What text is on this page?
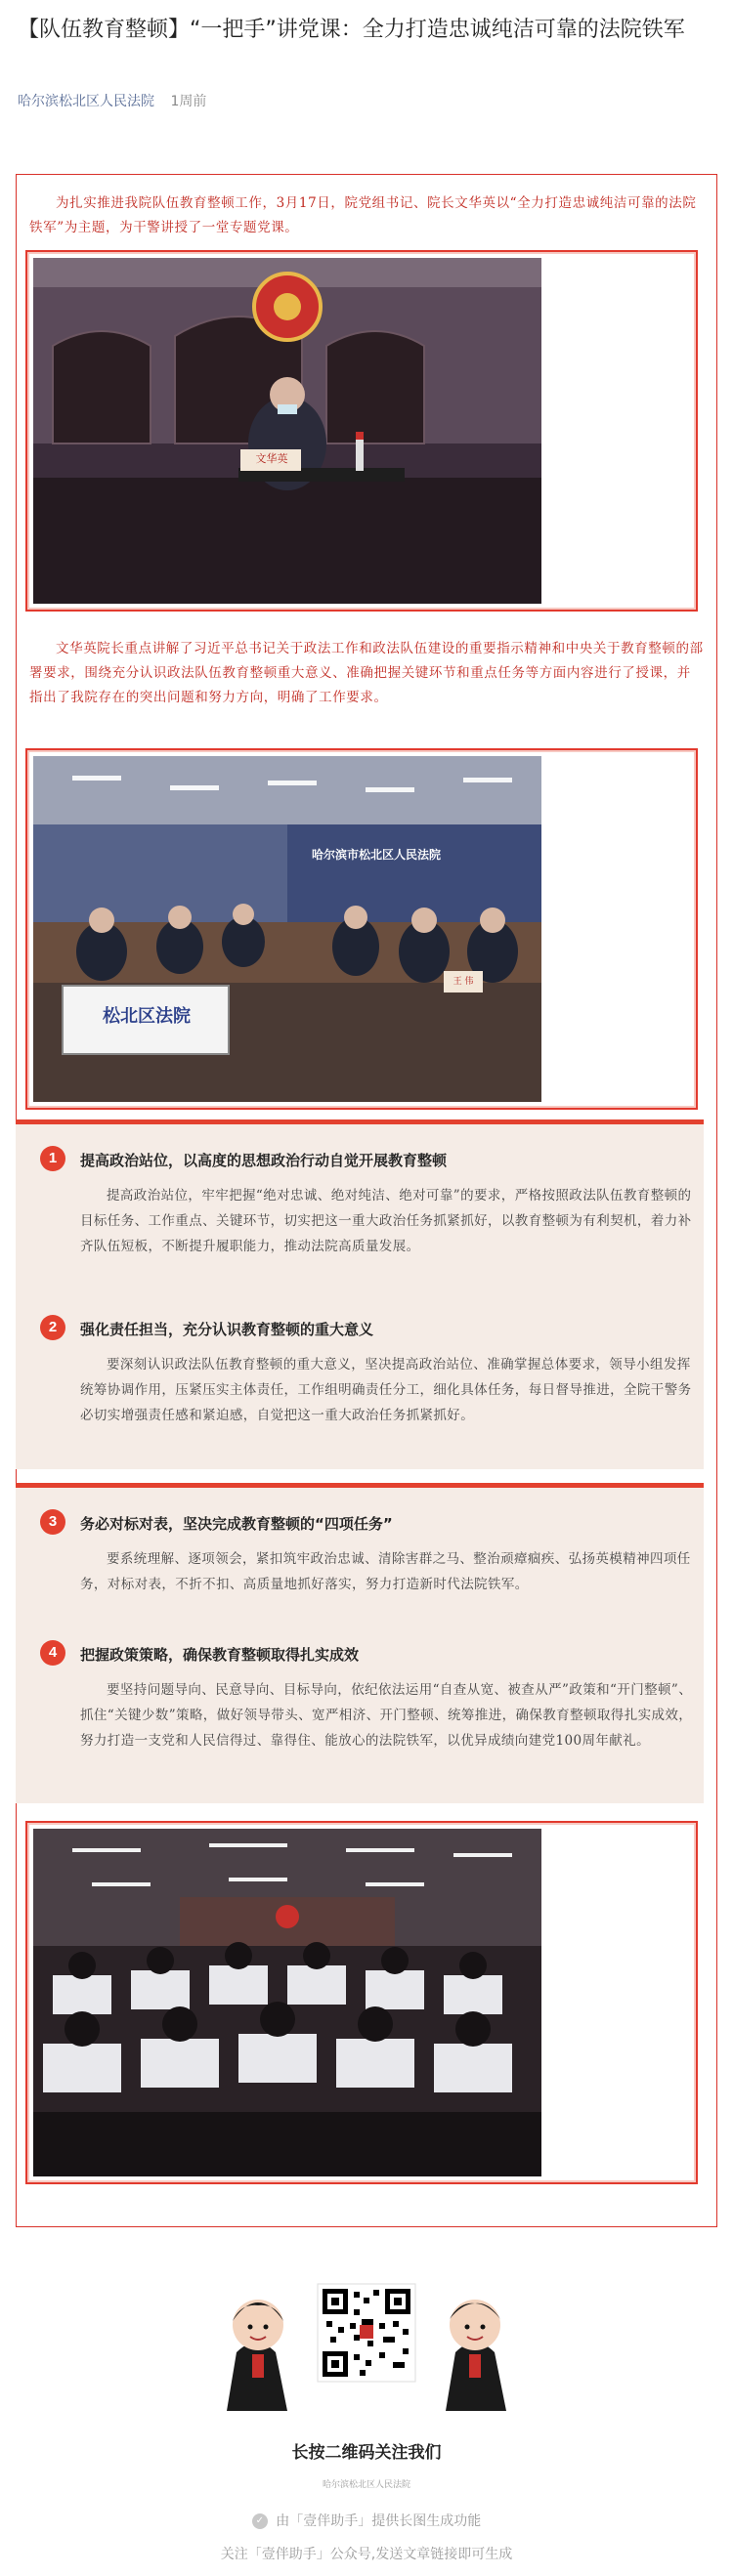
【队伍教育整顿】“一把手”讲党课：全力打造忠诚纯洁可靠的法院铁军
哈尔滨松北区人民法院 1周前
为扎实推进我院队伍教育整顿工作，3月17日，院党组书记、院长文华英以“全力打造忠诚纯洁可靠的法院铁军”为主题，为干警讲授了一堂专题党课。
文华英
文华英院长重点讲解了习近平总书记关于政法工作和政法队伍建设的重要指示精神和中央关于教育整顿的部署要求，围绕充分认识政法队伍教育整顿重大意义、准确把握关键环节和重点任务等方面内容进行了授课，并指出了我院存在的突出问题和努力方向，明确了工作要求。
哈尔滨市松北区人民法院
松北区法院
王 伟
1	提高政治站位，以高度的思想政治行动自觉开展教育整顿
提高政治站位，牢牢把握“绝对忠诚、绝对纯洁、绝对可靠”的要求，严格按照政法队伍教育整顿的目标任务、工作重点、关键环节，切实把这一重大政治任务抓紧抓好，以教育整顿为有利契机，着力补齐队伍短板，不断提升履职能力，推动法院高质量发展。
2	强化责任担当，充分认识教育整顿的重大意义
要深刻认识政法队伍教育整顿的重大意义，坚决提高政治站位、准确掌握总体要求，领导小组发挥统筹协调作用，压紧压实主体责任，工作组明确责任分工，细化具体任务，每日督导推进，全院干警务必切实增强责任感和紧迫感，自觉把这一重大政治任务抓紧抓好。
3	务必对标对表，坚决完成教育整顿的“四项任务”
要系统理解、逐项领会，紧扣筑牢政治忠诚、清除害群之马、整治顽瘴痼疾、弘扬英模精神四项任务，对标对表，不折不扣、高质量地抓好落实，努力打造新时代法院铁军。
4	把握政策策略，确保教育整顿取得扎实成效
要坚持问题导向、民意导向、目标导向，依纪依法运用“自查从宽、被查从严”政策和“开门整顿”、抓住“关键少数”策略，做好领导带头、宽严相济、开门整顿、统筹推进，确保教育整顿取得扎实成效，努力打造一支党和人民信得过、靠得住、能放心的法院铁军，以优异成绩向建党100周年献礼。
长按二维码关注我们
哈尔滨松北区人民法院
✓ 由「壹伴助手」提供长图生成功能
关注「壹伴助手」公众号,发送文章链接即可生成
